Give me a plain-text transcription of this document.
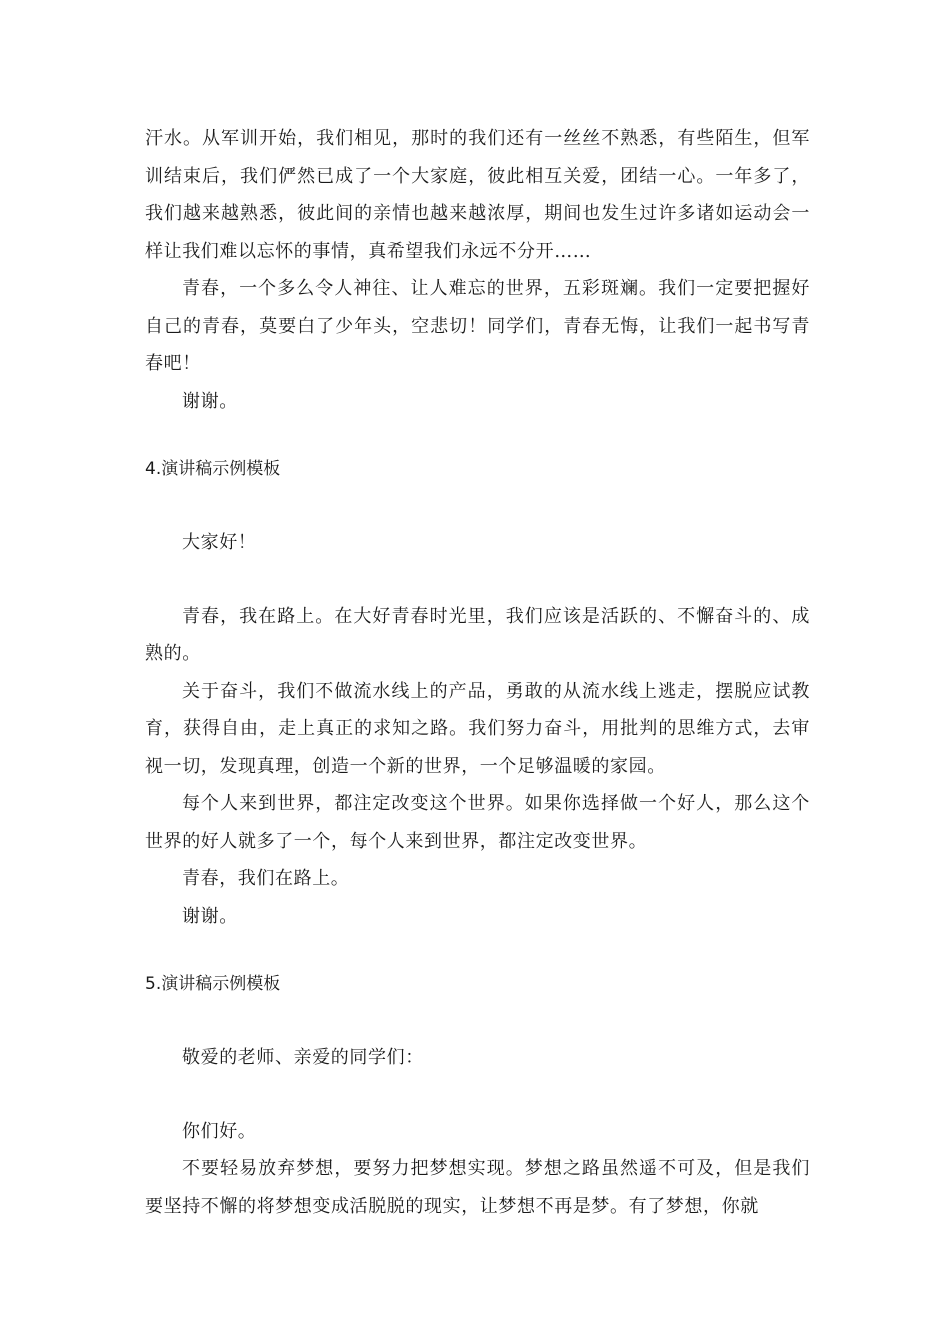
汗水。从军训开始，我们相见，那时的我们还有一丝丝不熟悉，有些陌生，但军训结束后，我们俨然已成了一个大家庭，彼此相互关爱，团结一心。一年多了，我们越来越熟悉，彼此间的亲情也越来越浓厚，期间也发生过许多诸如运动会一样让我们难以忘怀的事情，真希望我们永远不分开……

青春，一个多么令人神往、让人难忘的世界，五彩斑斓。我们一定要把握好自己的青春，莫要白了少年头，空悲切！同学们，青春无悔，让我们一起书写青春吧！

谢谢。

4.演讲稿示例模板

大家好！

青春，我在路上。在大好青春时光里，我们应该是活跃的、不懈奋斗的、成熟的。

关于奋斗，我们不做流水线上的产品，勇敢的从流水线上逃走，摆脱应试教育，获得自由，走上真正的求知之路。我们努力奋斗，用批判的思维方式，去审视一切，发现真理，创造一个新的世界，一个足够温暖的家园。

每个人来到世界，都注定改变这个世界。如果你选择做一个好人，那么这个世界的好人就多了一个，每个人来到世界，都注定改变世界。

青春，我们在路上。

谢谢。

5.演讲稿示例模板

敬爱的老师、亲爱的同学们：

你们好。

不要轻易放弃梦想，要努力把梦想实现。梦想之路虽然遥不可及，但是我们要坚持不懈的将梦想变成活脱脱的现实，让梦想不再是梦。有了梦想，你就
